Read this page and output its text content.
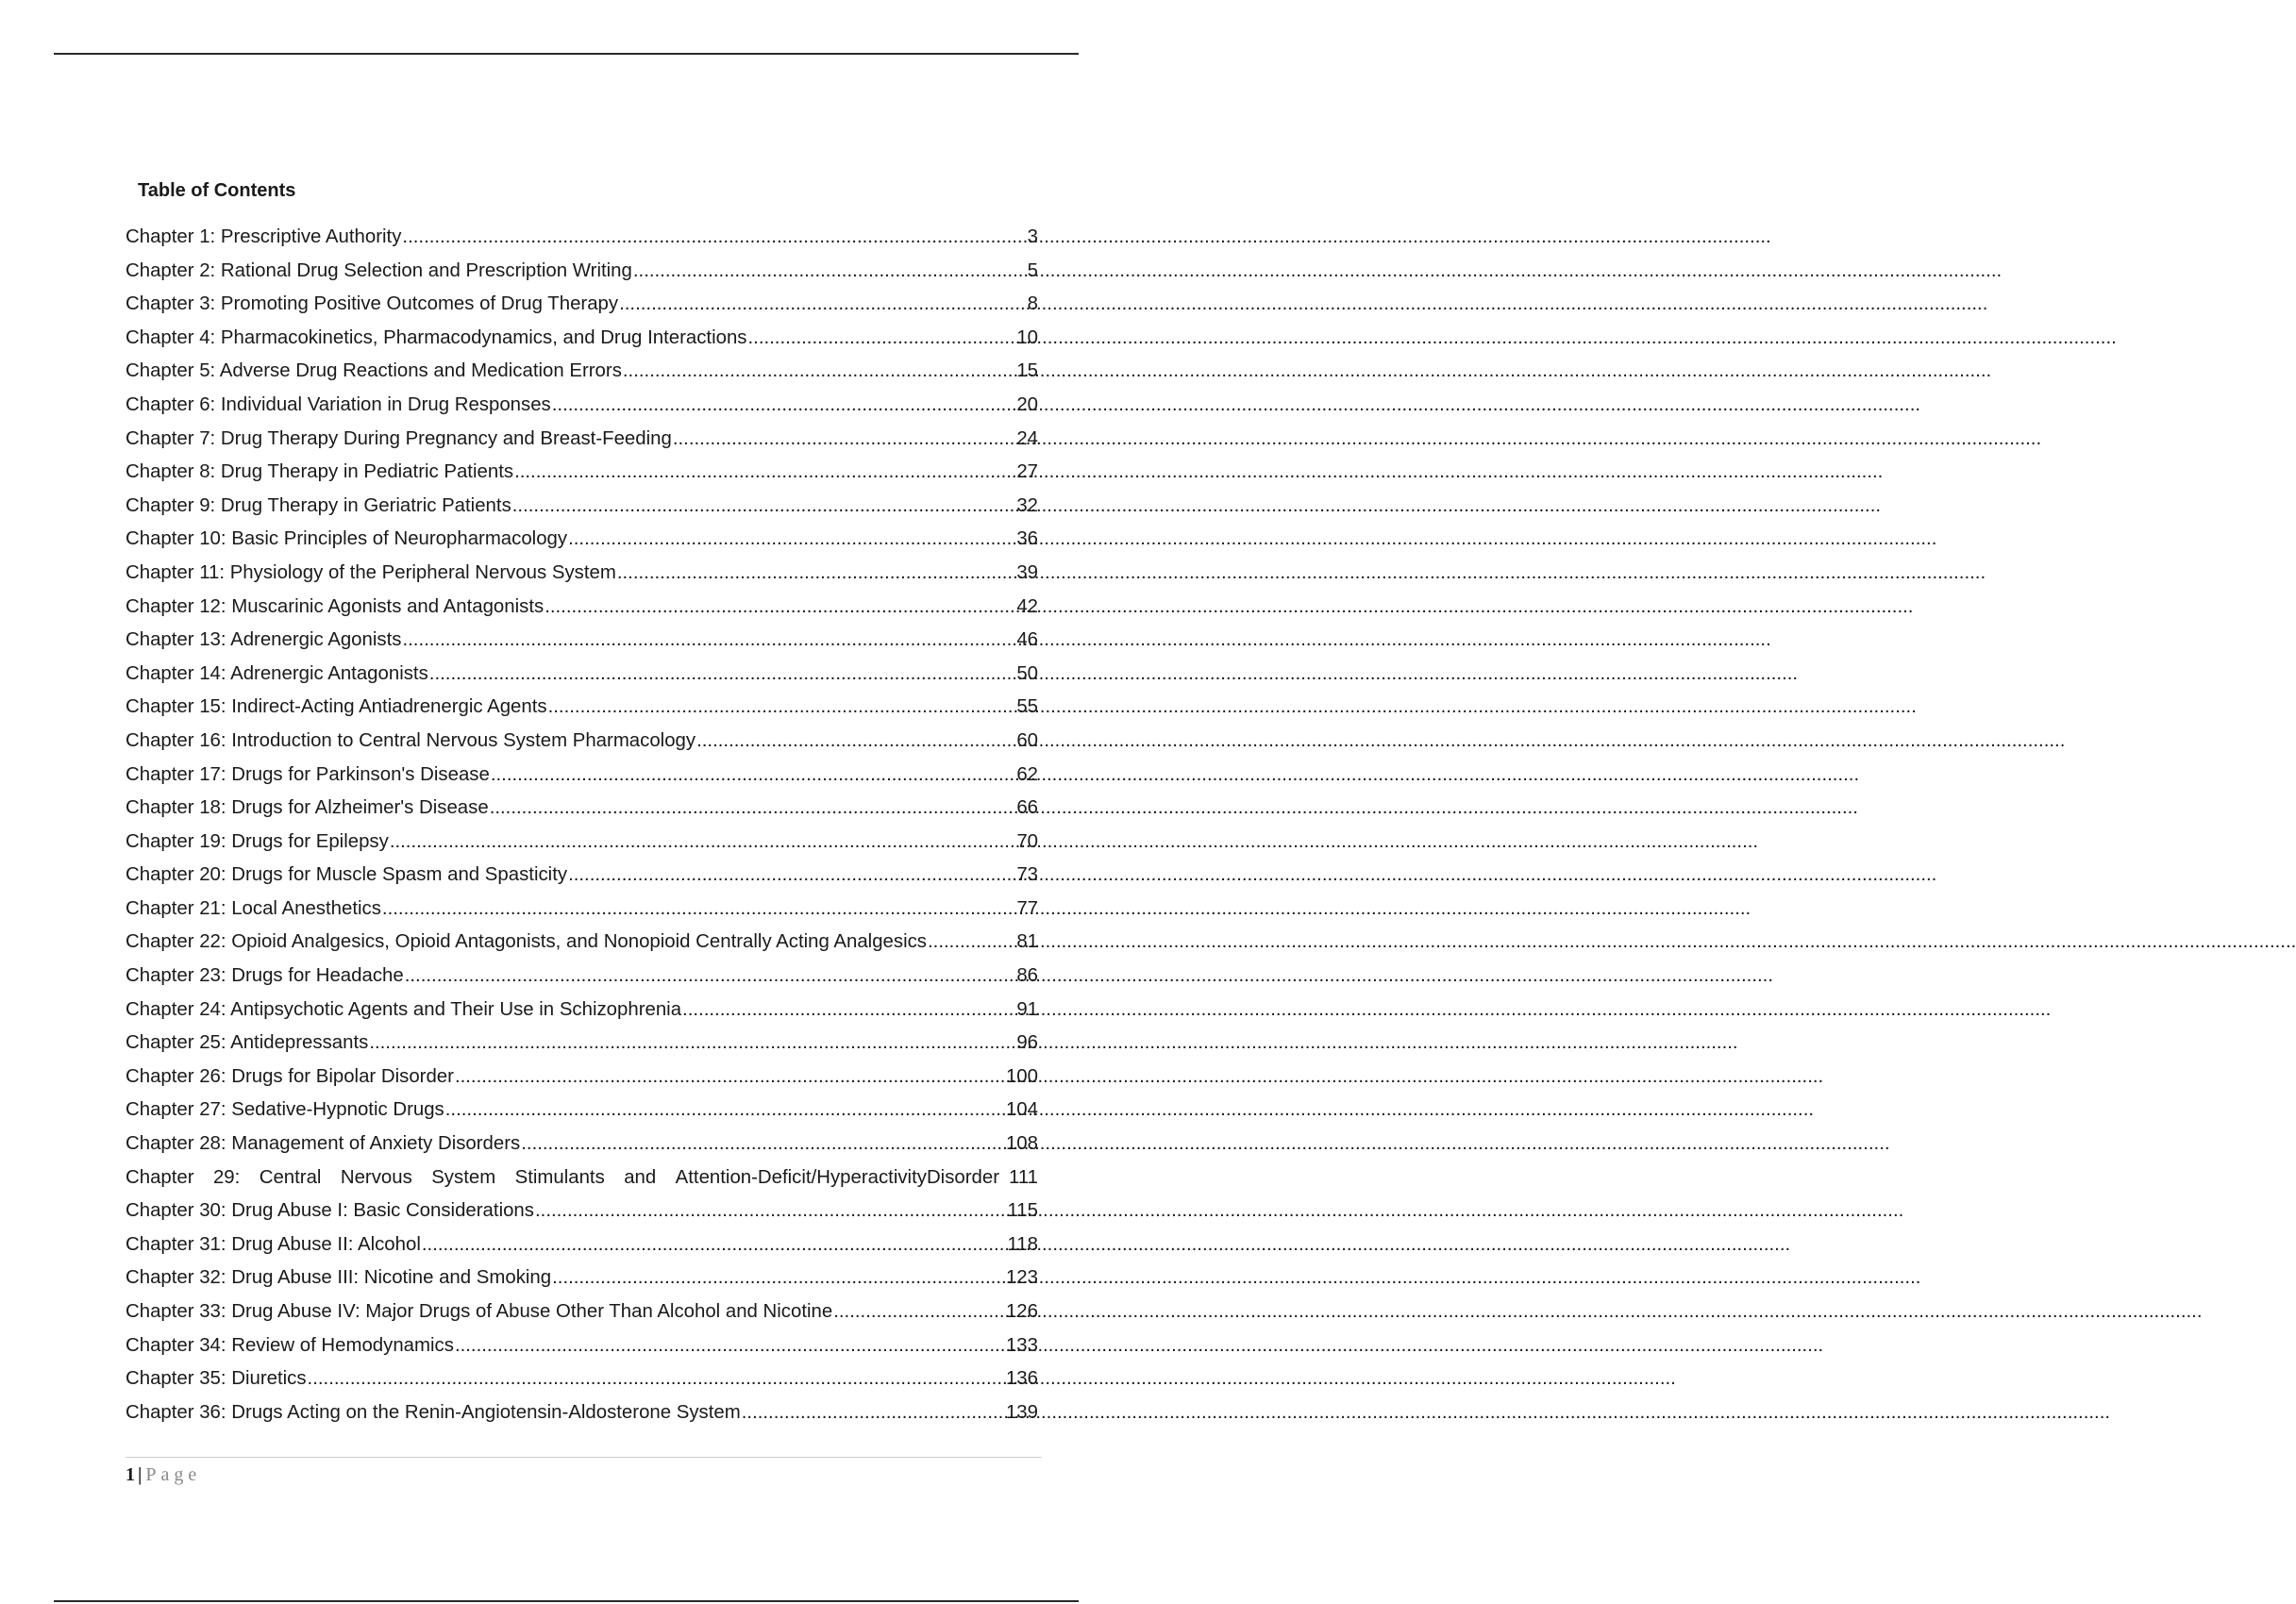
Table of Contents
Chapter 1: Prescriptive Authority .....	3
Chapter 2: Rational Drug Selection and Prescription Writing .....	5
Chapter 3: Promoting Positive Outcomes of Drug Therapy .....	8
Chapter 4: Pharmacokinetics, Pharmacodynamics, and Drug Interactions .....	10
Chapter 5: Adverse Drug Reactions and Medication Errors .....	15
Chapter 6: Individual Variation in Drug Responses .....	20
Chapter 7: Drug Therapy During Pregnancy and Breast-Feeding .....	24
Chapter 8: Drug Therapy in Pediatric Patients .....	27
Chapter 9: Drug Therapy in Geriatric Patients .....	32
Chapter 10: Basic Principles of Neuropharmacology .....	36
Chapter 11: Physiology of the Peripheral Nervous System .....	39
Chapter 12: Muscarinic Agonists and Antagonists .....	42
Chapter 13: Adrenergic Agonists .....	46
Chapter 14: Adrenergic Antagonists .....	50
Chapter 15: Indirect-Acting Antiadrenergic Agents .....	55
Chapter 16: Introduction to Central Nervous System Pharmacology .....	60
Chapter 17: Drugs for Parkinson's Disease .....	62
Chapter 18: Drugs for Alzheimer's Disease .....	66
Chapter 19: Drugs for Epilepsy .....	70
Chapter 20: Drugs for Muscle Spasm and Spasticity .....	73
Chapter 21: Local Anesthetics .....	77
Chapter 22: Opioid Analgesics, Opioid Antagonists, and Nonopioid Centrally Acting Analgesics .....	81
Chapter 23: Drugs for Headache .....	86
Chapter 24: Antipsychotic Agents and Their Use in Schizophrenia .....	91
Chapter 25: Antidepressants .....	96
Chapter 26: Drugs for Bipolar Disorder .....	100
Chapter 27: Sedative-Hypnotic Drugs .....	104
Chapter 28: Management of Anxiety Disorders .....	108
Chapter 29: Central Nervous System Stimulants and Attention-Deficit/HyperactivityDisorder 111
Chapter 30: Drug Abuse I: Basic Considerations .....	115
Chapter 31: Drug Abuse II: Alcohol .....	118
Chapter 32: Drug Abuse III: Nicotine and Smoking .....	123
Chapter 33: Drug Abuse IV: Major Drugs of Abuse Other Than Alcohol and Nicotine .....	126
Chapter 34: Review of Hemodynamics .....	133
Chapter 35: Diuretics .....	136
Chapter 36: Drugs Acting on the Renin-Angiotensin-Aldosterone System .....	139
1 | Page
